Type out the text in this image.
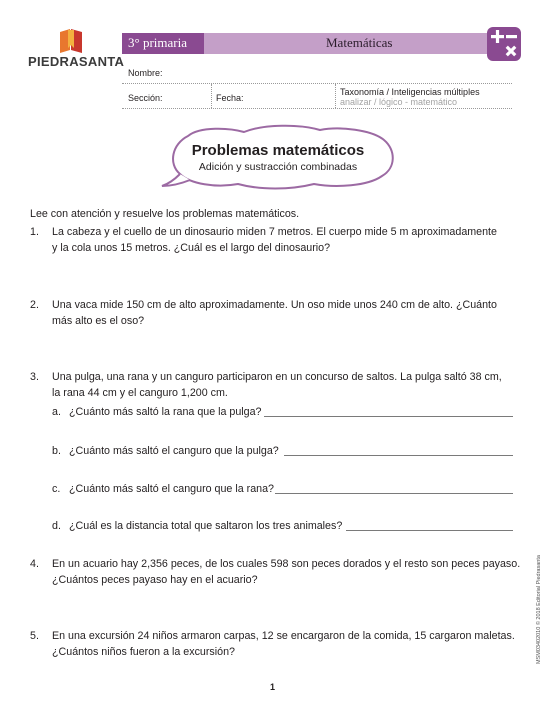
PIEDRASANTA
3° primaria	Matemáticas
Nombre:
Sección:	Fecha:
Taxonomía / Inteligencias múltiples
analizar / lógico - matemático
Problemas matemáticos
Adición y sustracción combinadas
Lee con atención y resuelve los problemas matemáticos.
1. La cabeza y el cuello de un dinosaurio miden 7 metros. El cuerpo mide 5 m aproximadamente
y la cola unos 15 metros. ¿Cuál es el largo del dinosaurio?
2. Una vaca mide 150 cm de alto aproximadamente. Un oso mide unos 240 cm de alto. ¿Cuánto
más alto es el oso?
3. Una pulga, una rana y un canguro participaron en un concurso de saltos. La pulga saltó 38 cm,
la rana 44 cm y el canguro 1,200 cm.
a. ¿Cuánto más saltó la rana que la pulga?
b. ¿Cuánto más saltó el canguro que la pulga?
c. ¿Cuánto más saltó el canguro que la rana?
d. ¿Cuál es la distancia total que saltaron los tres animales?
4. En un acuario hay 2,356 peces, de los cuales 598 son peces dorados y el resto son peces payaso.
¿Cuántos peces payaso hay en el acuario?
5. En una excursión 24 niños armaron carpas, 12 se encargaron de la comida, 15 cargaron maletas.
¿Cuántos niños fueron a la excursión?	MSM03402010 © 2018 Editorial Piedrasanta
1
